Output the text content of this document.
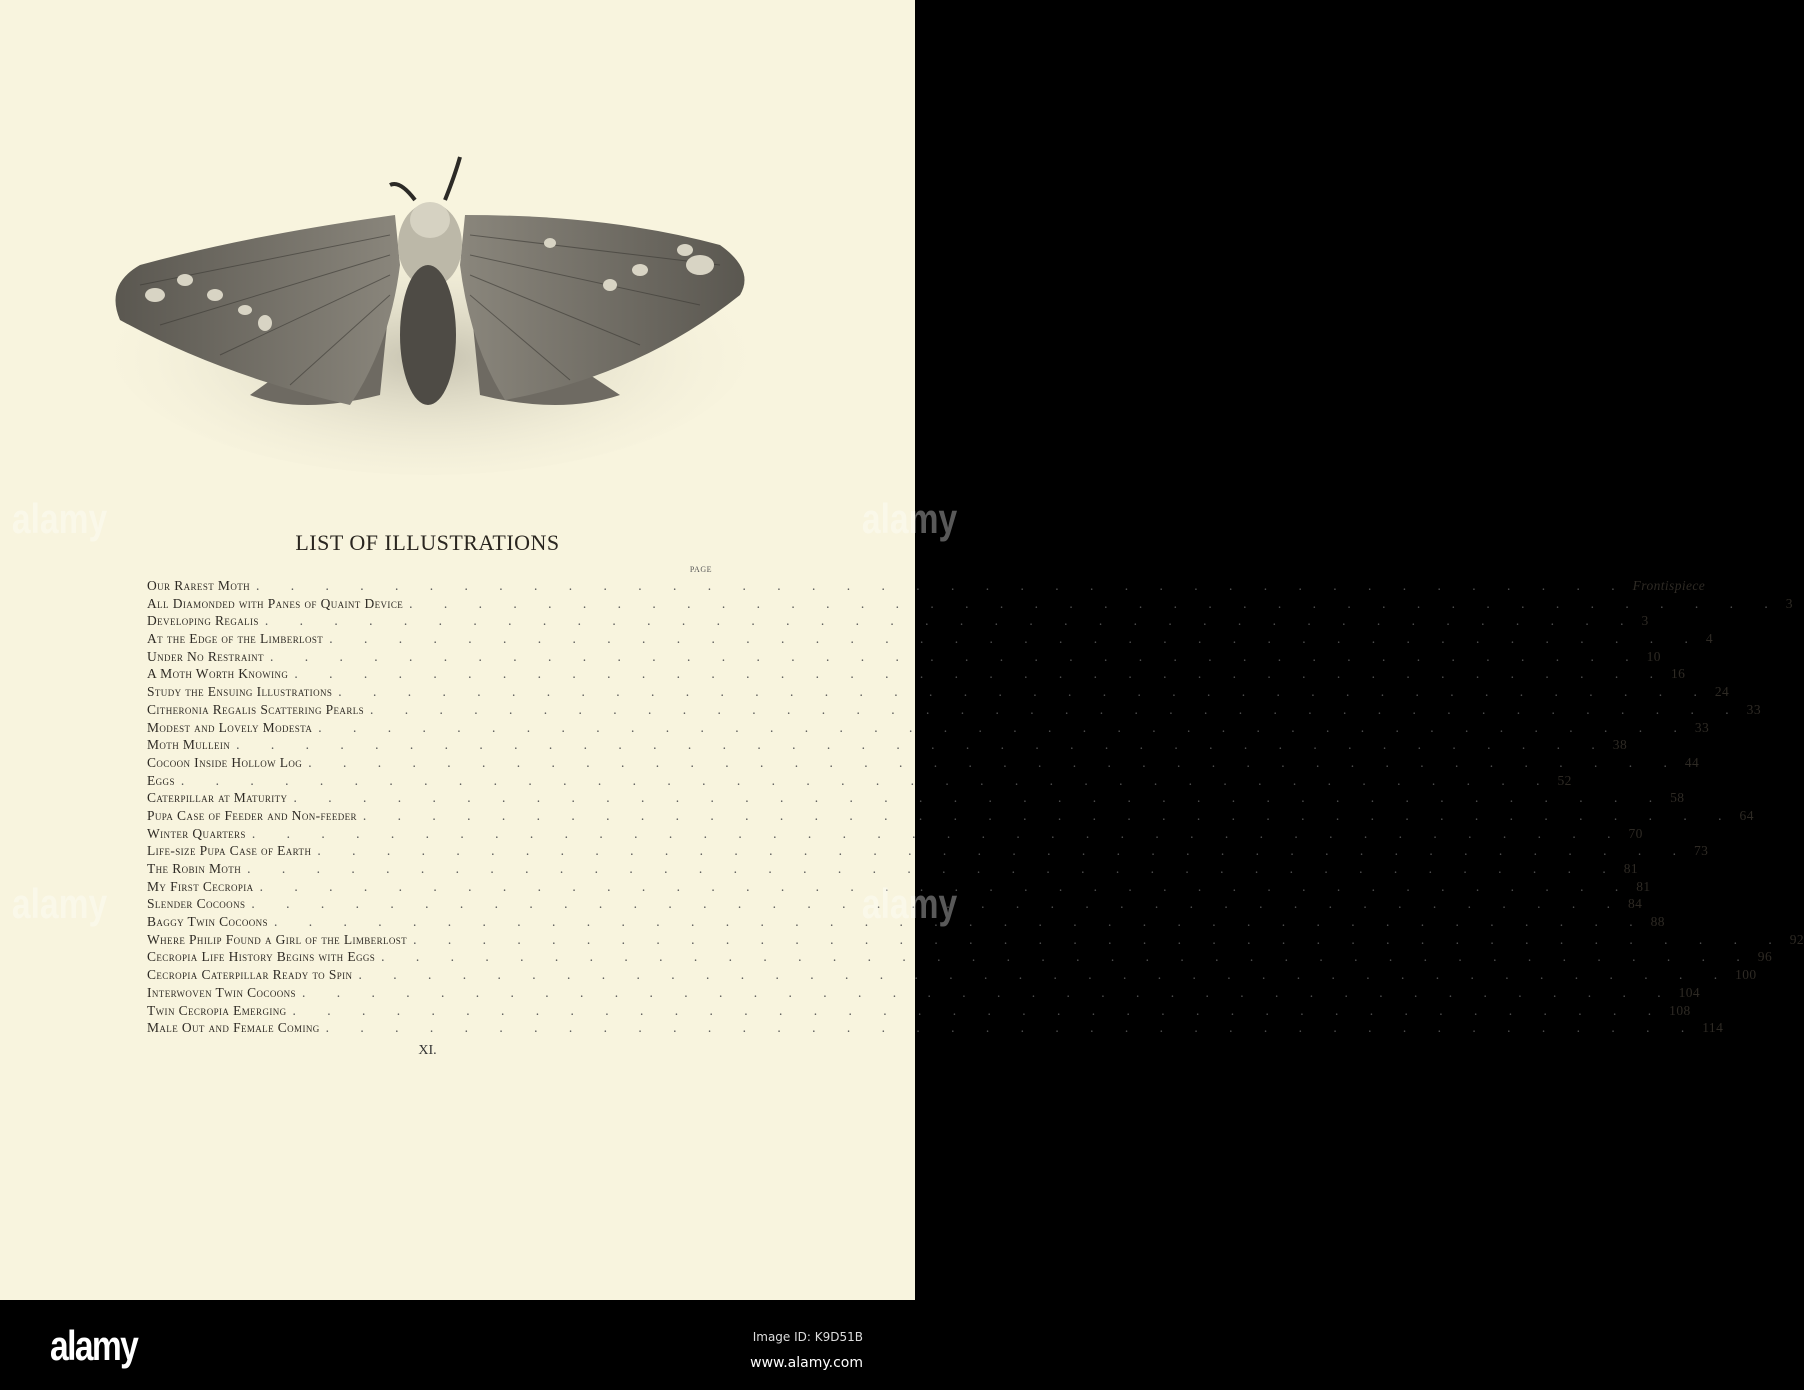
LIST OF ILLUSTRATIONS
PAGE
Our Rarest Moth . . .	Frontispiece
All Diamonded with Panes of Quaint Device . . .	3
Developing Regalis . . .	3
At the Edge of the Limberlost . . .	4
Under No Restraint . . .	10
A Moth Worth Knowing . . .	16
Study the Ensuing Illustrations . . .	24
Citheronia Regalis Scattering Pearls . . .	33
Modest and Lovely Modesta . . .	33
Moth Mullein . . .	38
Cocoon Inside Hollow Log . . .	44
Eggs . . .	52
Caterpillar at Maturity . . .	58
Pupa Case of Feeder and Non-feeder . . .	64
Winter Quarters . . .	70
Life-size Pupa Case of Earth . . .	73
The Robin Moth . . .	81
My First Cecropia . . .	81
Slender Cocoons . . .	84
Baggy Twin Cocoons . . .	88
Where Philip Found a Girl of the Limberlost . . .	92
Cecropia Life History Begins with Eggs . . .	96
Cecropia Caterpillar Ready to Spin . . .	100
Interwoven Twin Cocoons . . .	104
Twin Cecropia Emerging . . .	108
Male Out and Female Coming . . .	114
XI.
alamy	alamy
alamy	alamy
alamy	Image ID: K9D51B
www.alamy.com
